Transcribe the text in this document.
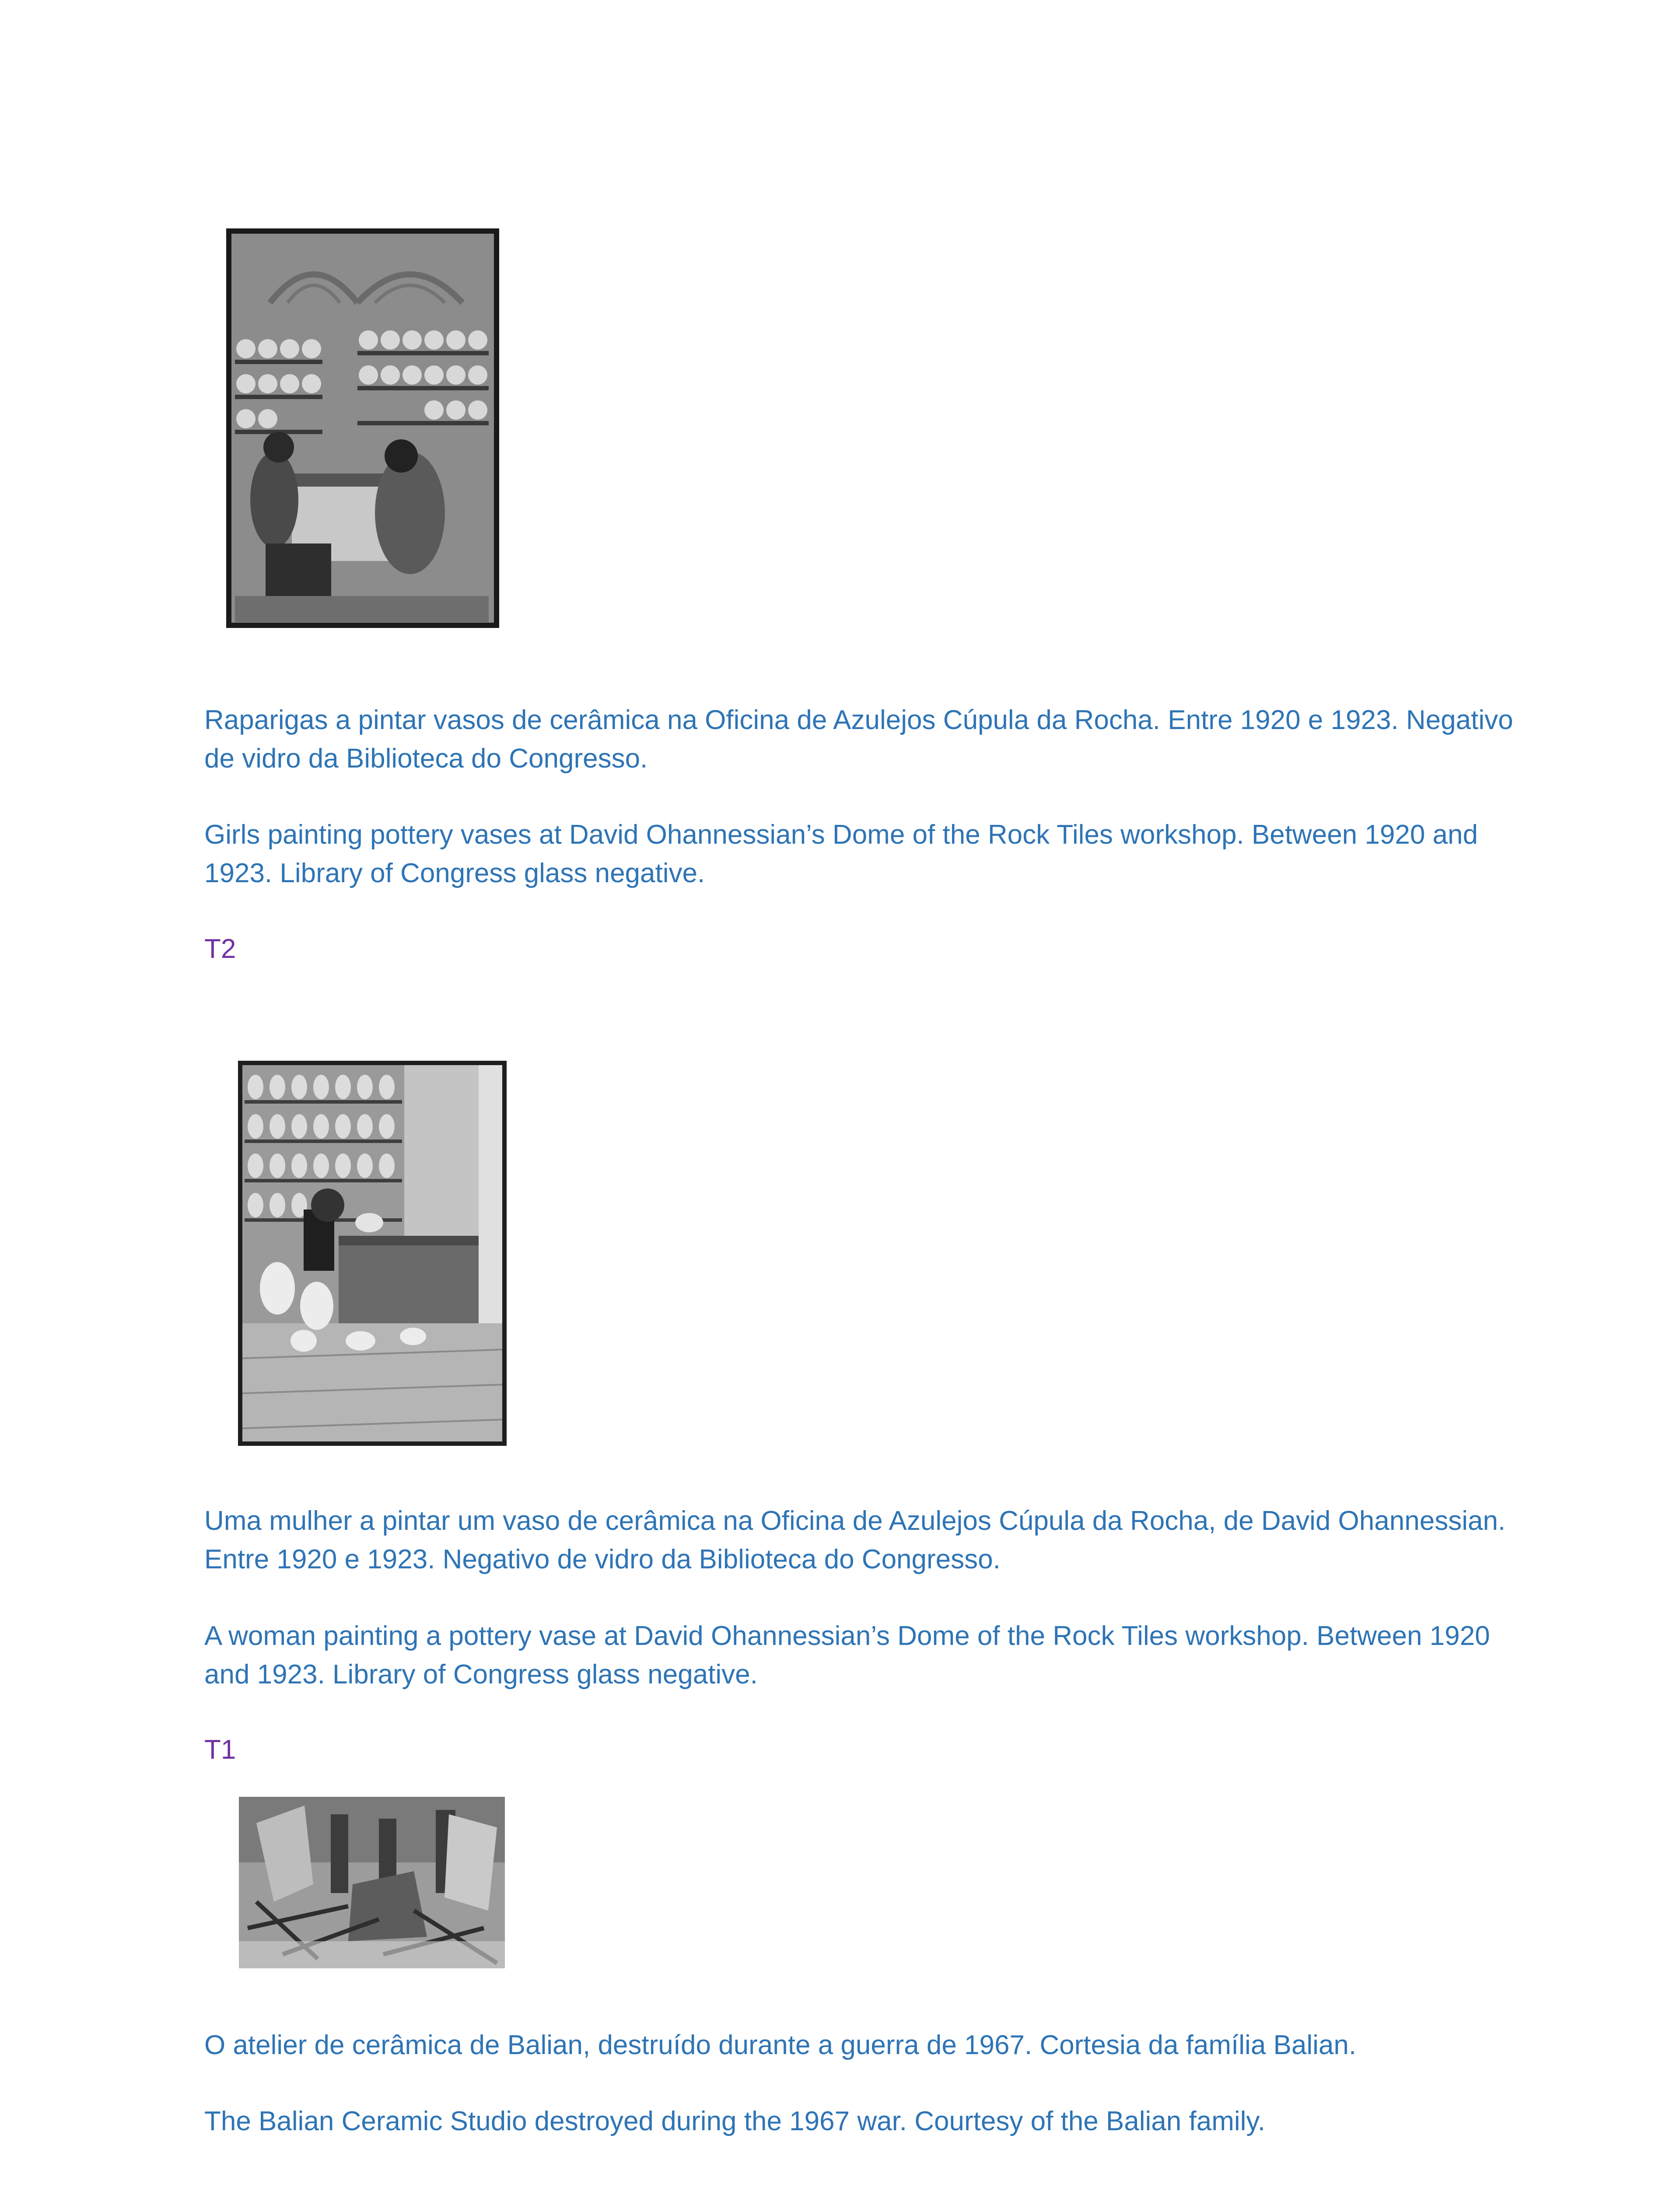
Raparigas a pintar vasos de cerâmica na Oficina de Azulejos Cúpula da Rocha. Entre 1920 e 1923. Negativo de vidro da Biblioteca do Congresso.

Girls painting pottery vases at David Ohannessian’s Dome of the Rock Tiles workshop. Between 1920 and 1923. Library of Congress glass negative.

T2

Uma mulher a pintar um vaso de cerâmica na Oficina de Azulejos Cúpula da Rocha, de David Ohannessian. Entre 1920 e 1923. Negativo de vidro da Biblioteca do Congresso.

A woman painting a pottery vase at David Ohannessian’s Dome of the Rock Tiles workshop. Between 1920 and 1923. Library of Congress glass negative.

T1

O atelier de cerâmica de Balian, destruído durante a guerra de 1967. Cortesia da família Balian.

The Balian Ceramic Studio destroyed during the 1967 war. Courtesy of the Balian family.
